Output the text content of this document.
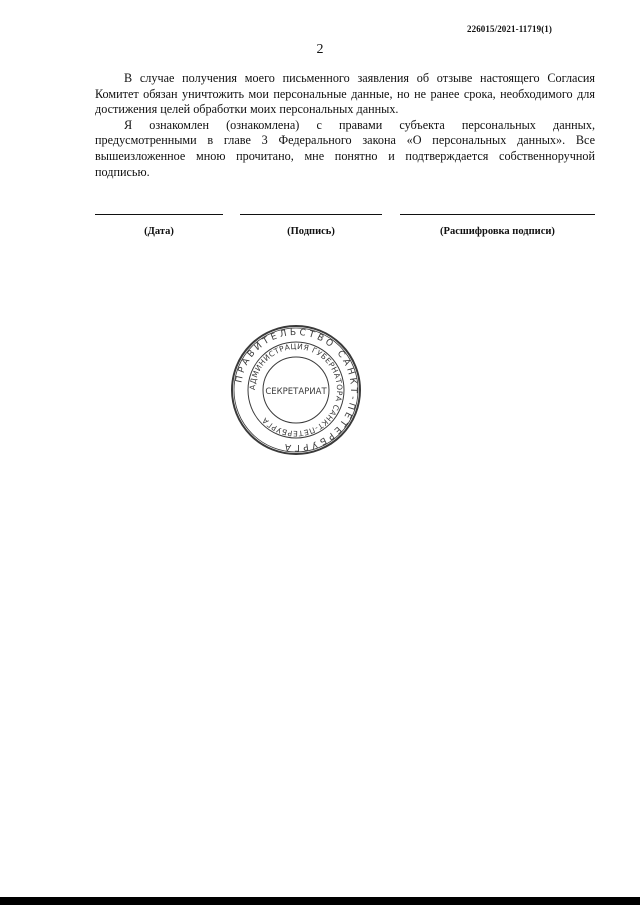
226015/2021-11719(1)
2

В случае получения моего письменного заявления об отзыве настоящего Согласия Комитет обязан уничтожить мои персональные данные, но не ранее срока, необходимого для достижения целей обработки моих персональных данных.

Я ознакомлен (ознакомлена) с правами субъекта персональных данных, предусмотренными в главе 3 Федерального закона «О персональных данных». Все вышеизложенное мною прочитано, мне понятно и подтверждается собственноручной подписью.

(Дата)	(Подпись)	(Расшифровка подписи)
ПРАВИТЕЛЬСТВО САНКТ-ПЕТЕРБУРГА
АДМИНИСТРАЦИЯ ГУБЕРНАТОРА САНКТ-ПЕТЕРБУРГА
СЕКРЕТАРИАТ
